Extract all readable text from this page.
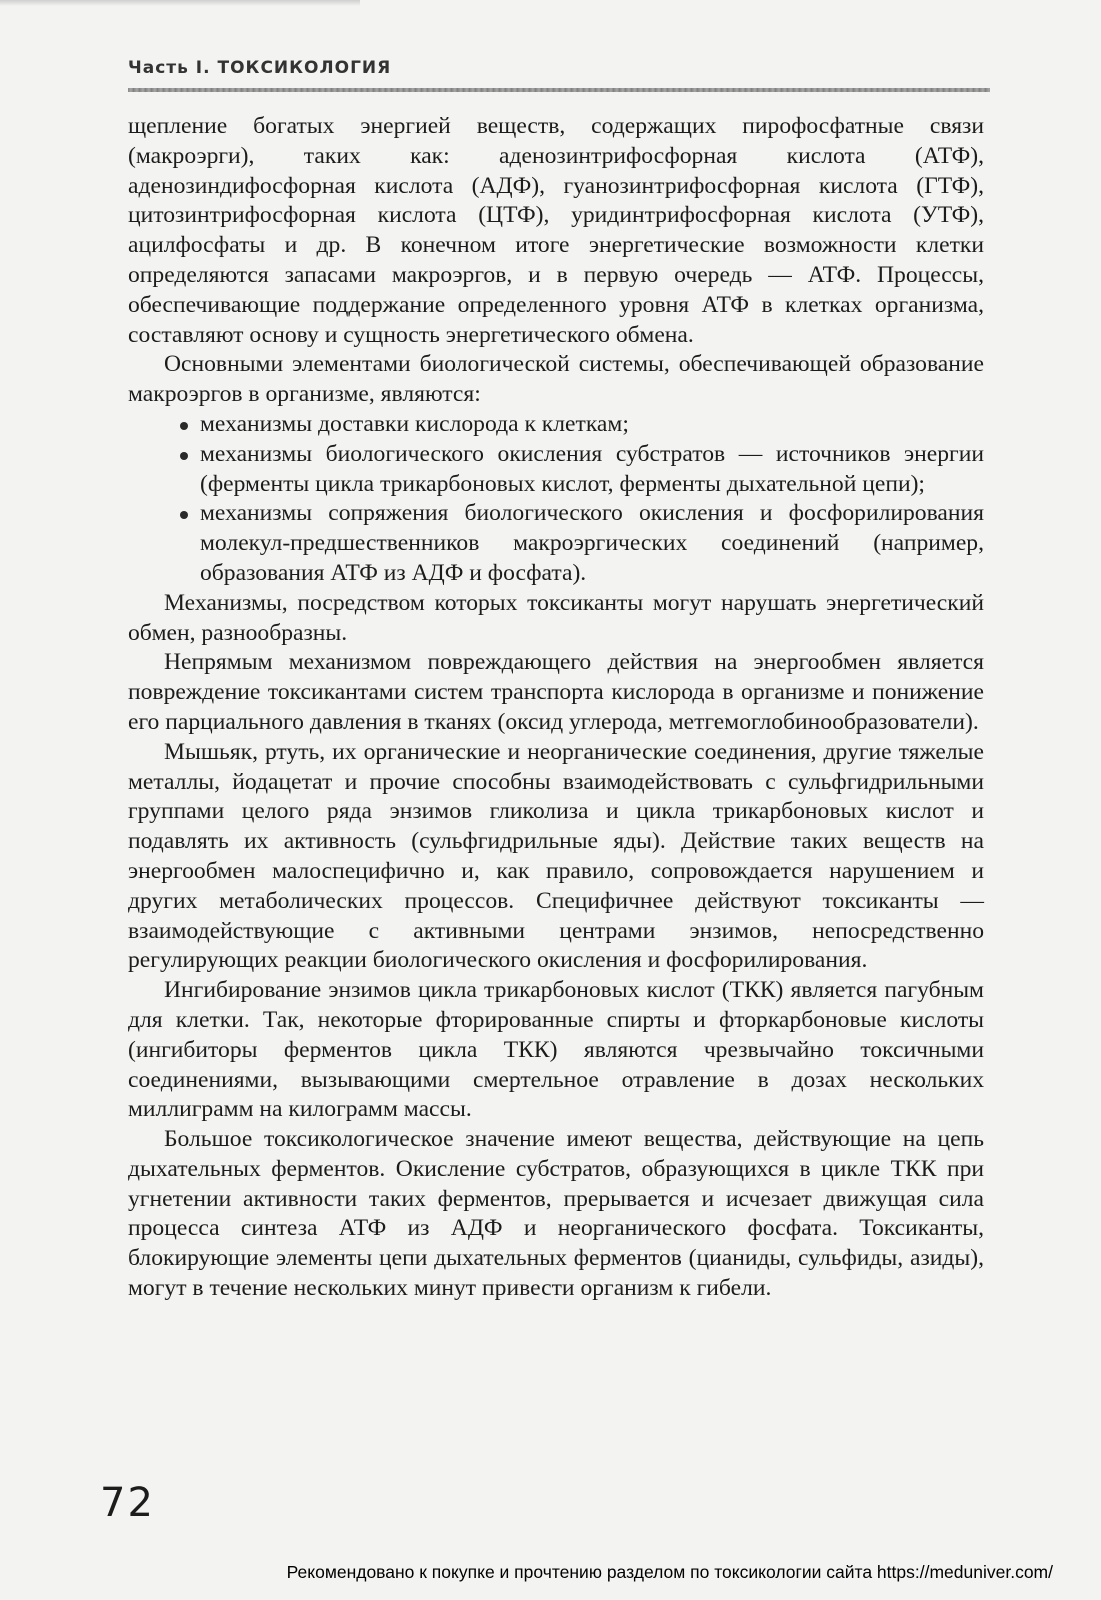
Часть I. ТОКСИКОЛОГИЯ

щепление богатых энергией веществ, содержащих пирофосфатные связи (макроэрги), таких как: аденозинтрифосфорная кислота (АТФ), аденозиндифосфорная кислота (АДФ), гуанозинтрифосфорная кислота (ГТФ), цитозинтрифосфорная кислота (ЦТФ), уридинтрифосфорная кислота (УТФ), ацилфосфаты и др. В конечном итоге энергетические возможности клетки определяются запасами макроэргов, и в первую очередь — АТФ. Процессы, обеспечивающие поддержание определенного уровня АТФ в клетках организма, составляют основу и сущность энергетического обмена.

Основными элементами биологической системы, обеспечивающей образование макроэргов в организме, являются:

механизмы доставки кислорода к клеткам;
механизмы биологического окисления субстратов — источников энергии (ферменты цикла трикарбоновых кислот, ферменты дыхательной цепи);
механизмы сопряжения биологического окисления и фосфорилирования молекул-предшественников макроэргических соединений (например, образования АТФ из АДФ и фосфата).

Механизмы, посредством которых токсиканты могут нарушать энергетический обмен, разнообразны.

Непрямым механизмом повреждающего действия на энергообмен является повреждение токсикантами систем транспорта кислорода в организме и понижение его парциального давления в тканях (оксид углерода, метгемоглобинообразователи).

Мышьяк, ртуть, их органические и неорганические соединения, другие тяжелые металлы, йодацетат и прочие способны взаимодействовать с сульфгидрильными группами целого ряда энзимов гликолиза и цикла трикарбоновых кислот и подавлять их активность (сульфгидрильные яды). Действие таких веществ на энергообмен малоспецифично и, как правило, сопровождается нарушением и других метаболических процессов. Специфичнее действуют токсиканты — взаимодействующие с активными центрами энзимов, непосредственно регулирующих реакции биологического окисления и фосфорилирования.

Ингибирование энзимов цикла трикарбоновых кислот (ТКК) является пагубным для клетки. Так, некоторые фторированные спирты и фторкарбоновые кислоты (ингибиторы ферментов цикла ТКК) являются чрезвычайно токсичными соединениями, вызывающими смертельное отравление в дозах нескольких миллиграмм на килограмм массы.

Большое токсикологическое значение имеют вещества, действующие на цепь дыхательных ферментов. Окисление субстратов, образующихся в цикле ТКК при угнетении активности таких ферментов, прерывается и исчезает движущая сила процесса синтеза АТФ из АДФ и неорганического фосфата. Токсиканты, блокирующие элементы цепи дыхательных ферментов (цианиды, сульфиды, азиды), могут в течение нескольких минут привести организм к гибели.

72
Рекомендовано к покупке и прочтению разделом по токсикологии сайта https://meduniver.com/
